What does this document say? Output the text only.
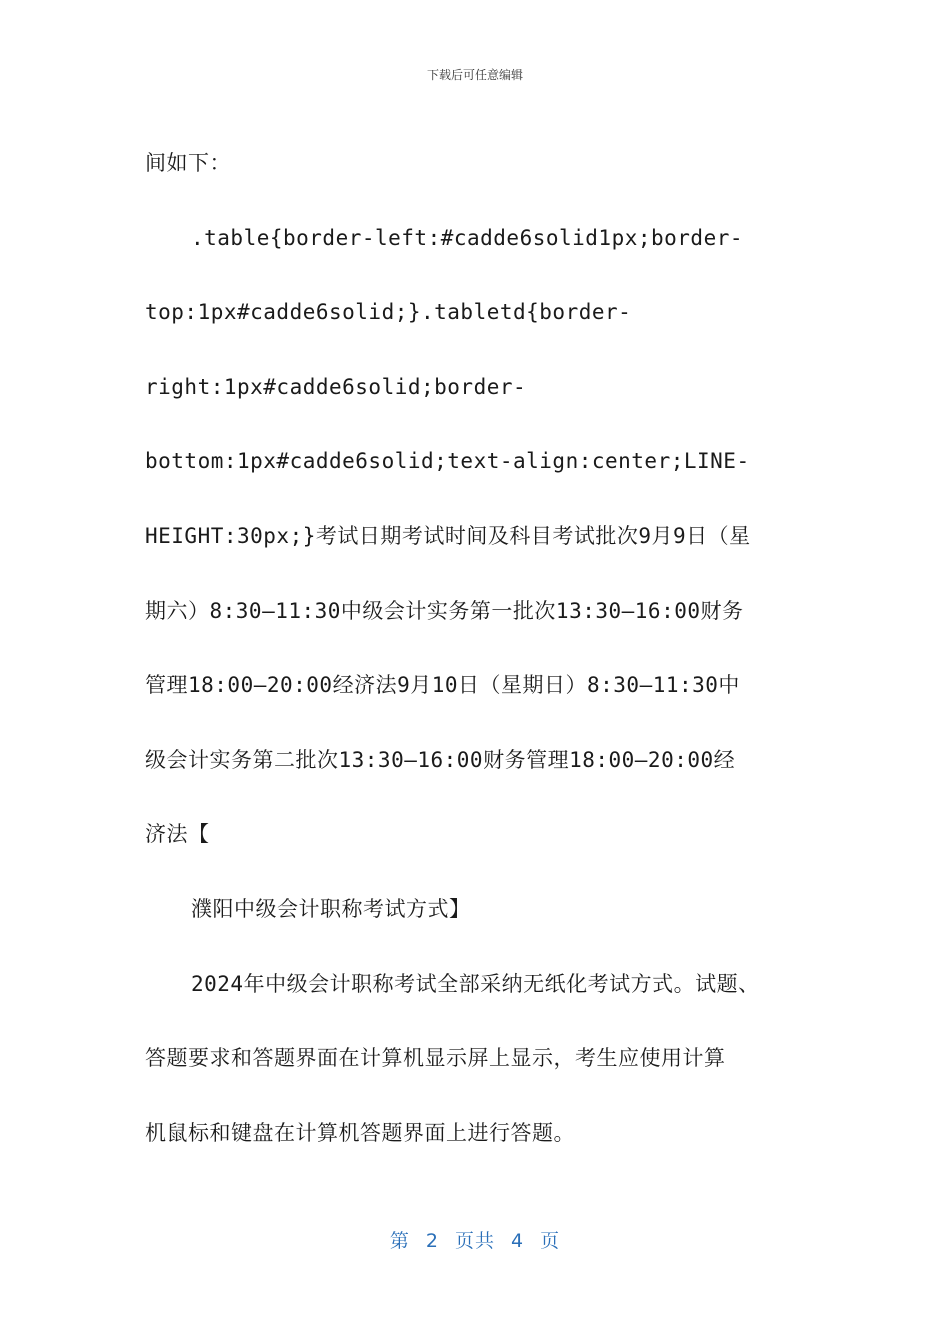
下载后可任意编辑
间如下：
.table{border-left:#cadde6solid1px;border-
top:1px#cadde6solid;}.tabletd{border-
right:1px#cadde6solid;border-
bottom:1px#cadde6solid;text-align:center;LINE-
HEIGHT:30px;}考试日期考试时间及科目考试批次9月9日（星
期六）8:30—11:30中级会计实务第一批次13:30—16:00财务
管理18:00—20:00经济法9月10日（星期日）8:30—11:30中
级会计实务第二批次13:30—16:00财务管理18:00—20:00经
济法【
濮阳中级会计职称考试方式】
2024年中级会计职称考试全部采纳无纸化考试方式。试题、
答题要求和答题界面在计算机显示屏上显示，考生应使用计算
机鼠标和键盘在计算机答题界面上进行答题。
第 2 页共 4 页
